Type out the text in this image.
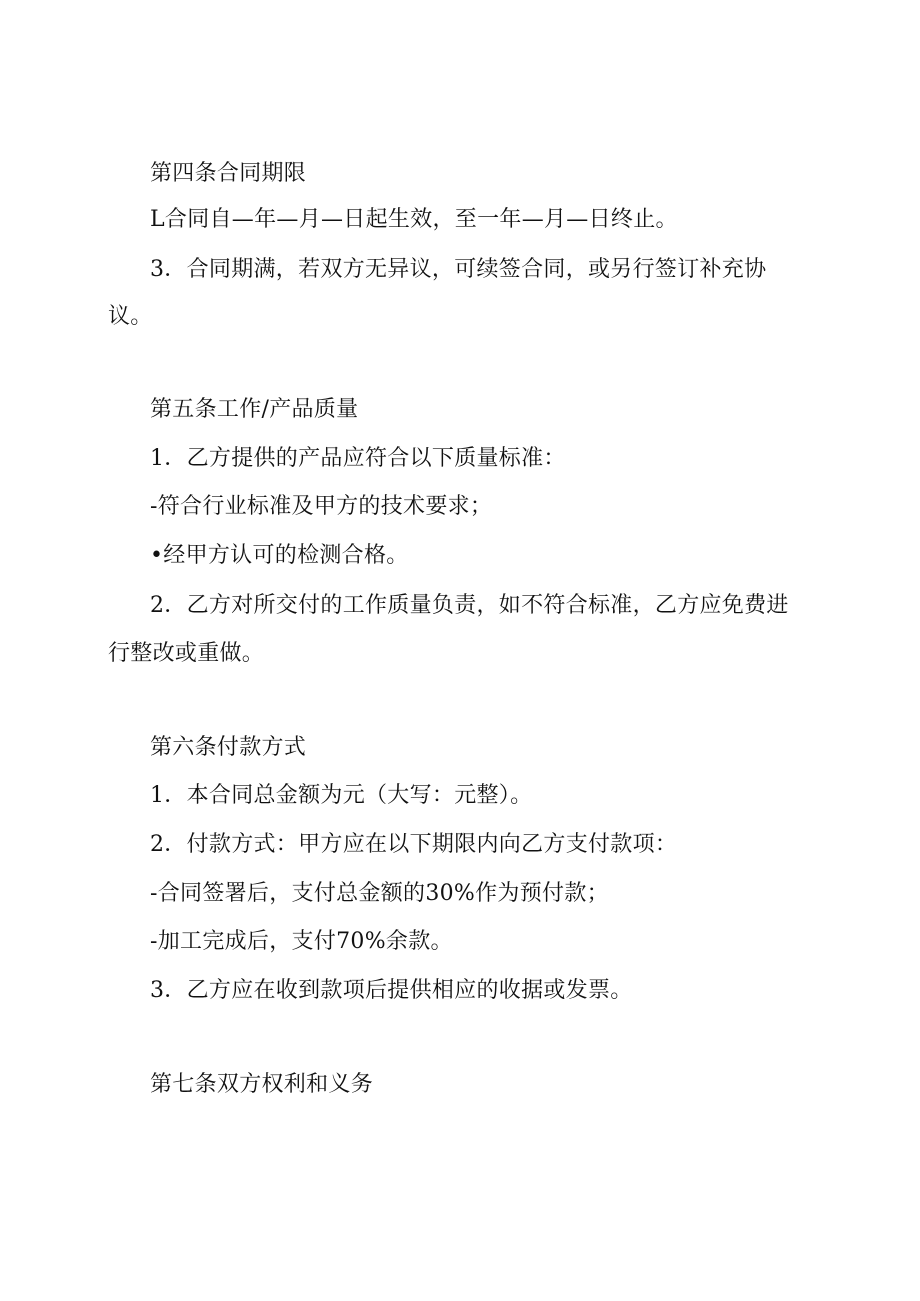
第四条合同期限

L合同自—年—月—日起生效，至一年—月—日终止。

3．合同期满，若双方无异议，可续签合同，或另行签订补充协

议。

第五条工作/产品质量

1．乙方提供的产品应符合以下质量标准：

-符合行业标准及甲方的技术要求；

•经甲方认可的检测合格。

2．乙方对所交付的工作质量负责，如不符合标准，乙方应免费进

行整改或重做。

第六条付款方式

1．本合同总金额为元（大写：元整）。

2．付款方式：甲方应在以下期限内向乙方支付款项：

-合同签署后，支付总金额的30%作为预付款；

-加工完成后，支付70%余款。

3．乙方应在收到款项后提供相应的收据或发票。

第七条双方权利和义务
